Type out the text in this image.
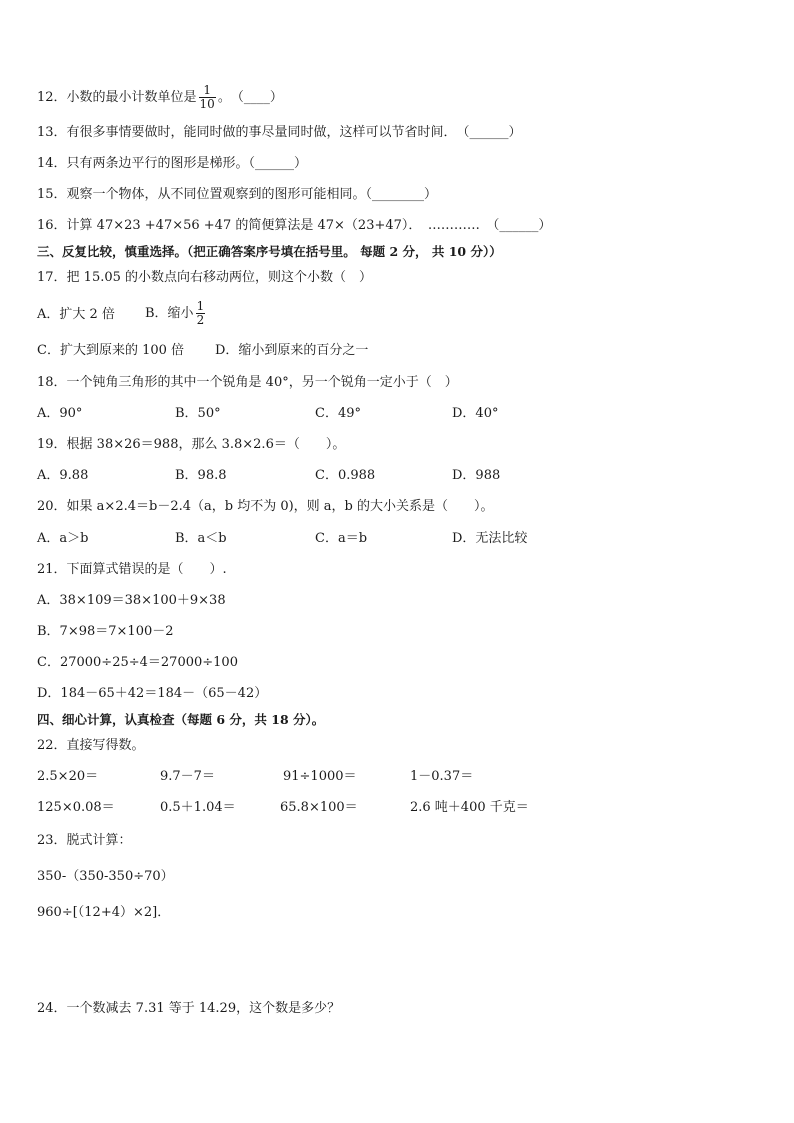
12．小数的最小计数单位是 $\frac{1}{10}$ 。　（____）
13．有很多事情要做时，能同时做的事尽量同时做，这样可以节省时间．　（______）
14．只有两条边平行的图形是梯形。（______）
15．观察一个物体，从不同位置观察到的图形可能相同。（________）
16．计算 47×23 +47×56 +47 的简便算法是 47×（23+47）．　…………　（______）
三、反复比较，慎重选择。（把正确答案序号填在括号里。 每题 2 分， 共 10 分））
17．把 15.05 的小数点向右移动两位，则这个小数（　）
A．扩大 2 倍 B．缩小 $\frac{1}{2}$
C．扩大到原来的 100 倍 D．缩小到原来的百分之一
18．一个钝角三角形的其中一个锐角是 40°，另一个锐角一定小于（　）
A．90°	B．50°	C．49°	D．40°
19．根据 38×26＝988，那么 3.8×2.6＝（　　）。
A．9.88	B．98.8	C．0.988	D．988
20．如果 a×2.4＝b－2.4（a，b 均不为 0)，则 a，b 的大小关系是（　　）。
A．a＞b	B．a＜b	C．a＝b	D．无法比较
21．下面算式错误的是（　　）.
A．38×109＝38×100＋9×38
B．7×98＝7×100－2
C．27000÷25÷4＝27000÷100
D．184－65＋42＝184－（65－42）
四、细心计算，认真检查（每题 6 分，共 18 分）。
22．直接写得数。
2.5×20＝	9.7－7＝	91÷1000＝	1－0.37＝
125×0.08＝	0.5＋1.04＝	65.8×100＝	2.6 吨＋400 千克＝
23．脱式计算：
350-（350-350÷70）
960÷[（12+4）×2]．
24．一个数减去 7.31 等于 14.29，这个数是多少？
